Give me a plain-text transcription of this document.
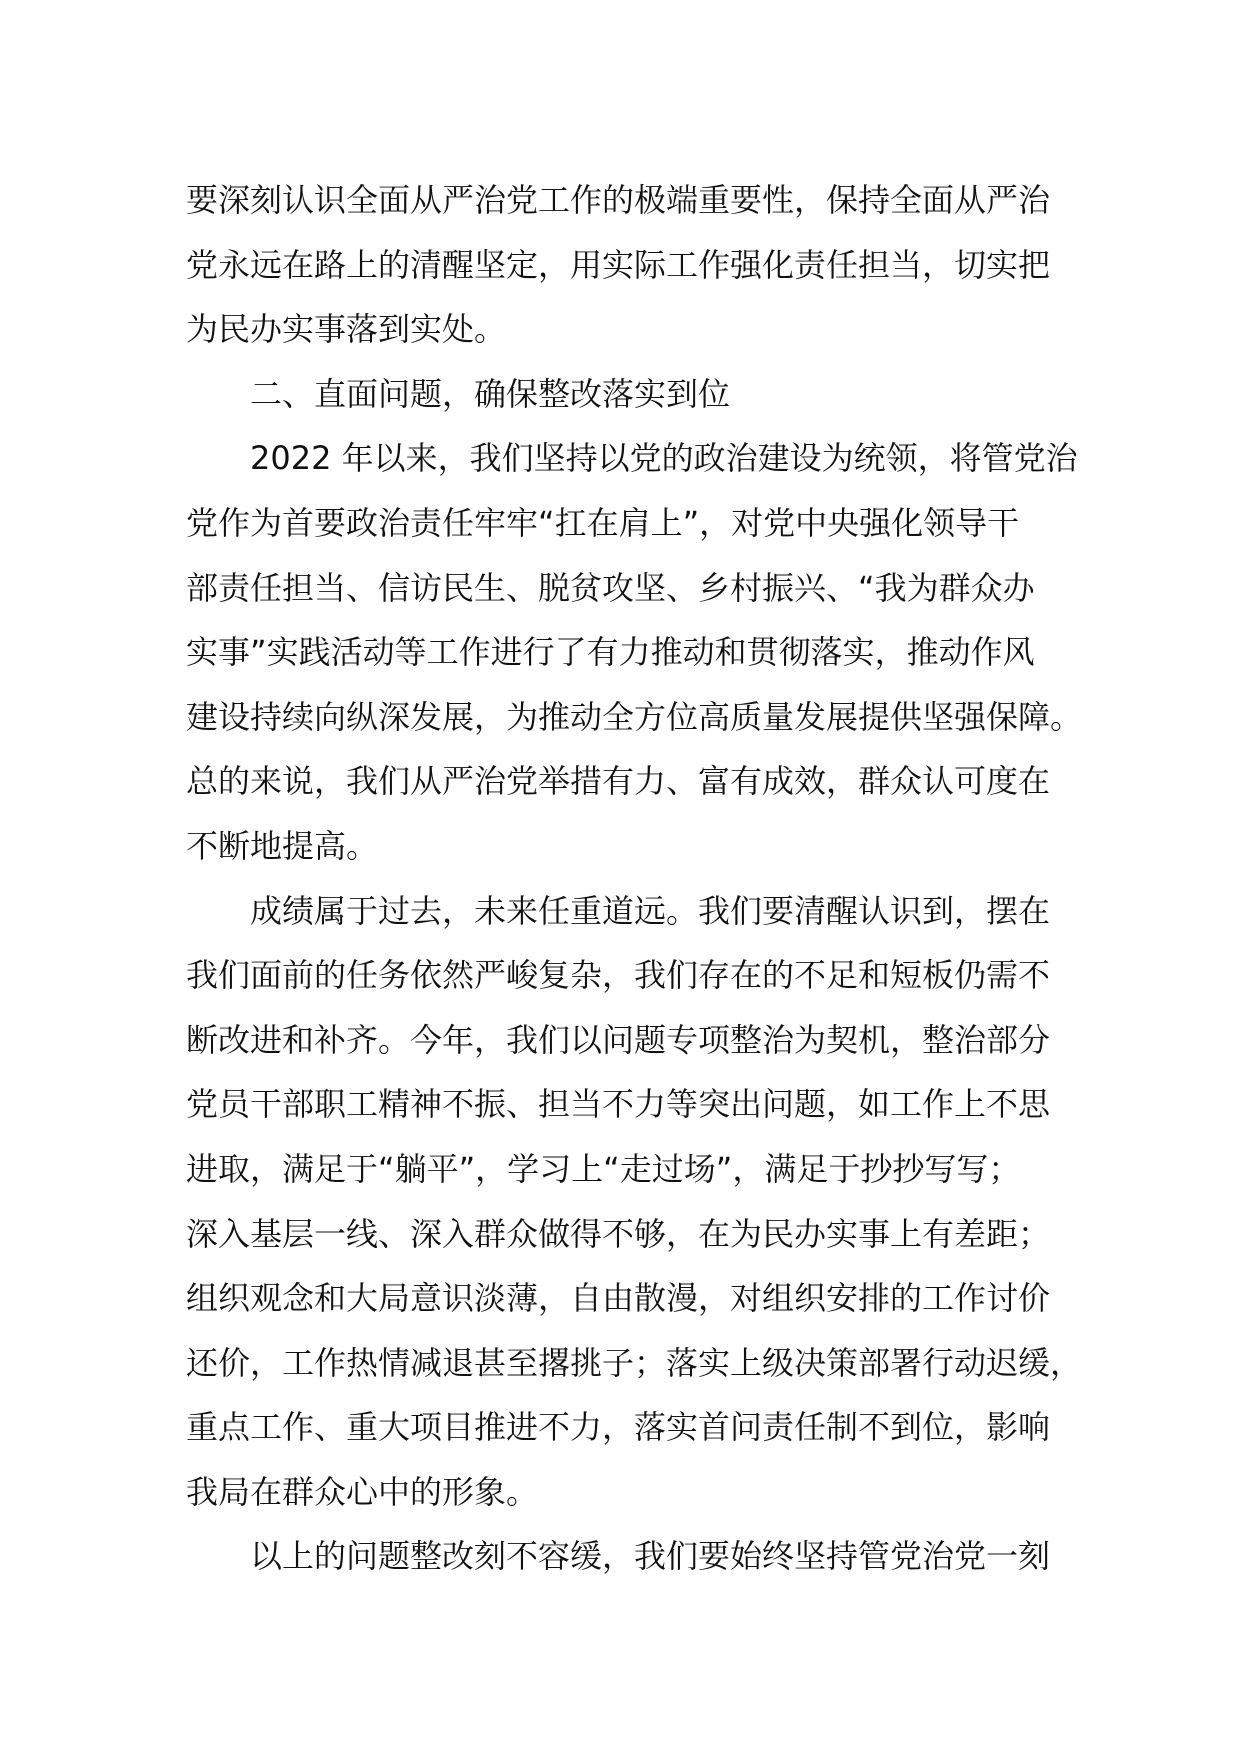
要深刻认识全面从严治党工作的极端重要性，保持全面从严治
党永远在路上的清醒坚定，用实际工作强化责任担当，切实把
为民办实事落到实处。
二、直面问题，确保整改落实到位
2022 年以来，我们坚持以党的政治建设为统领，将管党治
党作为首要政治责任牢牢“扛在肩上”，对党中央强化领导干
部责任担当、信访民生、脱贫攻坚、乡村振兴、“我为群众办
实事”实践活动等工作进行了有力推动和贯彻落实，推动作风
建设持续向纵深发展，为推动全方位高质量发展提供坚强保障。
总的来说，我们从严治党举措有力、富有成效，群众认可度在
不断地提高。
成绩属于过去，未来任重道远。我们要清醒认识到，摆在
我们面前的任务依然严峻复杂，我们存在的不足和短板仍需不
断改进和补齐。今年，我们以问题专项整治为契机，整治部分
党员干部职工精神不振、担当不力等突出问题，如工作上不思
进取，满足于“躺平”，学习上“走过场”，满足于抄抄写写；
深入基层一线、深入群众做得不够，在为民办实事上有差距；
组织观念和大局意识淡薄，自由散漫，对组织安排的工作讨价
还价，工作热情减退甚至撂挑子；落实上级决策部署行动迟缓，
重点工作、重大项目推进不力，落实首问责任制不到位，影响
我局在群众心中的形象。
以上的问题整改刻不容缓，我们要始终坚持管党治党一刻
